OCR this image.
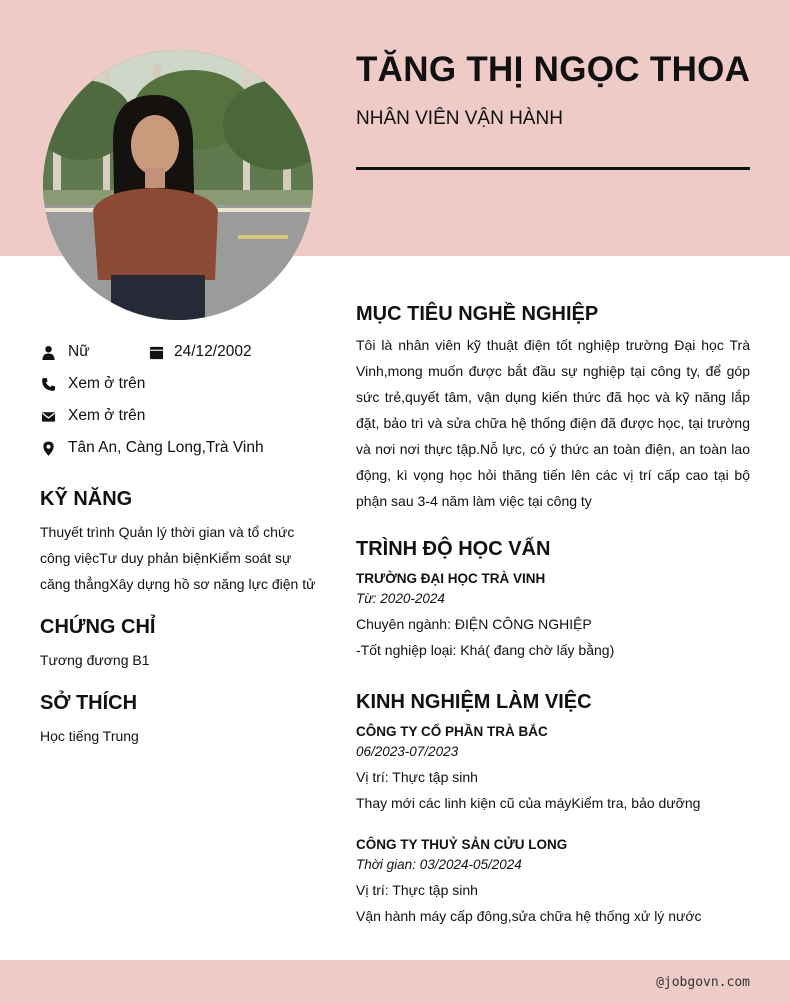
TĂNG THỊ NGỌC THOA
NHÂN VIÊN VẬN HÀNH
Nữ	24/12/2002
Xem ở trên
Xem ở trên
Tân An, Càng Long,Trà Vinh
KỸ NĂNG
Thuyết trình Quản lý thời gian và tổ chức công việcTư duy phản biệnKiểm soát sự căng thẳngXây dựng hồ sơ năng lực điện tử
CHỨNG CHỈ
Tương đương B1
SỞ THÍCH
Học tiếng Trung
MỤC TIÊU NGHỀ NGHIỆP
Tôi là nhân viên kỹ thuật điện tốt nghiệp trường Đại học Trà Vinh,mong muốn được bắt đầu sự nghiệp tại công ty, để góp sức trẻ,quyết tâm, vận dụng kiến thức đã học và kỹ năng lắp đặt, bảo trì và sửa chữa hệ thống điện đã được học, tại trường và nơi nơi thực tập.Nỗ lực, có ý thức an toàn điện, an toàn lao động, kì vọng học hỏi thăng tiến lên các vị trí cấp cao tại bộ phận sau 3-4 năm làm việc tại công ty
TRÌNH ĐỘ HỌC VẤN
TRƯỜNG ĐẠI HỌC TRÀ VINH
Từ: 2020-2024
Chuyên ngành: ĐIỆN CÔNG NGHIỆP
-Tốt nghiệp loại: Khá( đang chờ lấy bằng)
KINH NGHIỆM LÀM VIỆC
CÔNG TY CỔ PHẦN TRÀ BẮC
06/2023-07/2023
Vị trí: Thực tập sinh
Thay mới các linh kiện cũ của máyKiểm tra, bảo dưỡng
CÔNG TY THUỶ SẢN CỬU LONG
Thời gian: 03/2024-05/2024
Vị trí: Thực tập sinh
Vận hành máy cấp đông,sửa chữa hệ thống xử lý nước
@jobgovn.com
